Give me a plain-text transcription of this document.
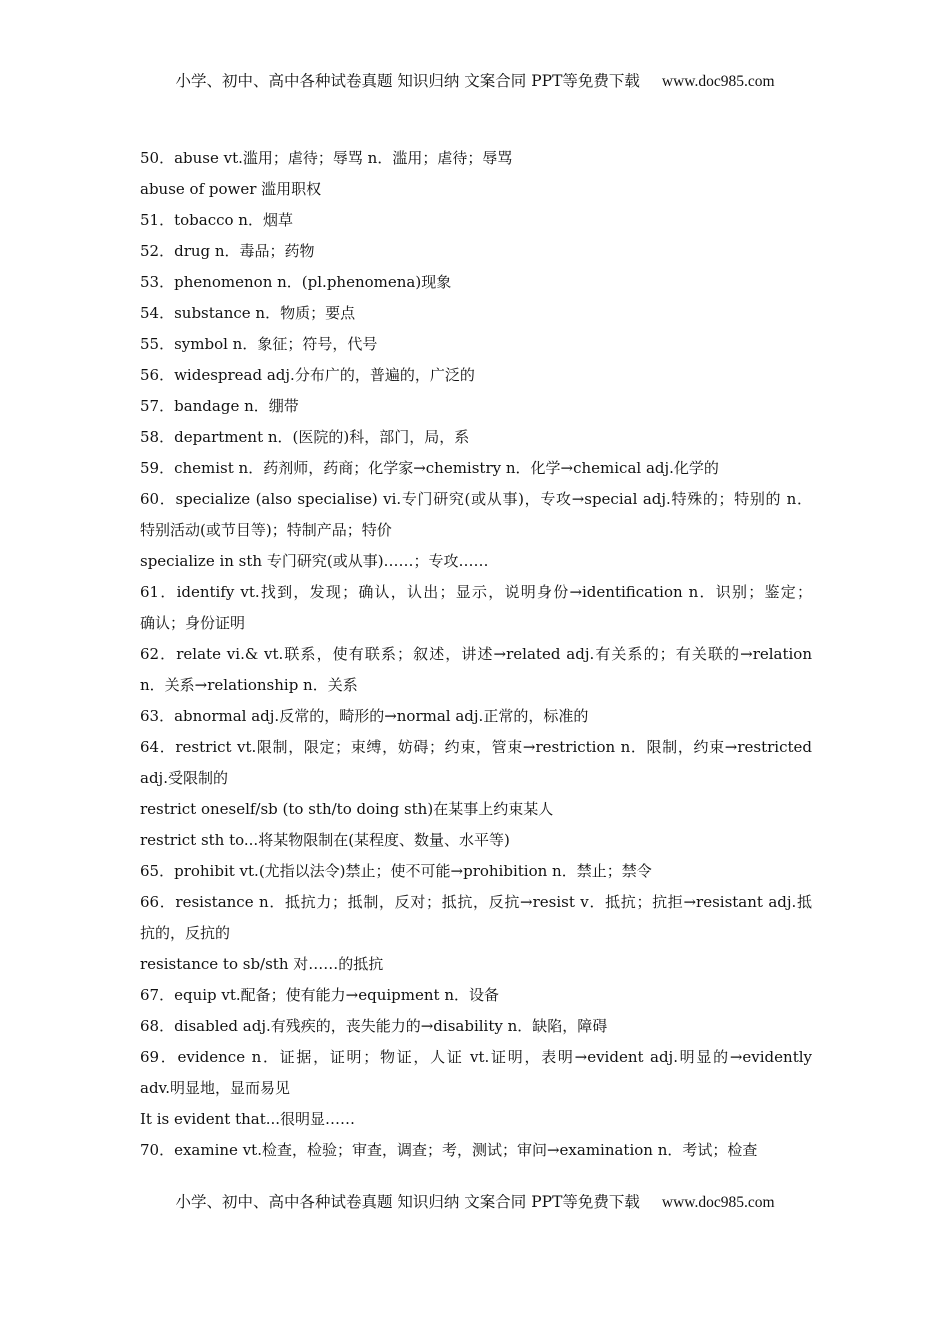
小学、初中、高中各种试卷真题 知识归纳 文案合同 PPT等免费下载 www.doc985.com
50．abuse vt.滥用；虐待；辱骂 n．滥用；虐待；辱骂
abuse of power 滥用职权
51．tobacco n．烟草
52．drug n．毒品；药物
53．phenomenon n．(pl.phenomena)现象
54．substance n．物质；要点
55．symbol n．象征；符号，代号
56．widespread adj.分布广的，普遍的，广泛的
57．bandage n．绷带
58．department n．(医院的)科，部门，局，系
59．chemist n．药剂师，药商；化学家→chemistry n．化学→chemical adj.化学的
60．specialize (also specialise) vi.专门研究(或从事)，专攻→special adj.特殊的；特别的 n．
特别活动(或节目等)；特制产品；特价
specialize in sth 专门研究(或从事)……；专攻……
61．identify vt.找到，发现；确认，认出；显示，说明身份→identification n．识别；鉴定；
确认；身份证明
62．relate vi.& vt.联系，使有联系；叙述，讲述→related adj.有关系的；有关联的→relation
n．关系→relationship n．关系
63．abnormal adj.反常的，畸形的→normal adj.正常的，标准的
64．restrict vt.限制，限定；束缚，妨碍；约束，管束→restriction n．限制，约束→restricted
adj.受限制的
restrict oneself/sb (to sth/to doing sth)在某事上约束某人
restrict sth to...将某物限制在(某程度、数量、水平等)
65．prohibit vt.(尤指以法令)禁止；使不可能→prohibition n．禁止；禁令
66．resistance n．抵抗力；抵制，反对；抵抗，反抗→resist v．抵抗；抗拒→resistant adj.抵
抗的，反抗的
resistance to sb/sth 对……的抵抗
67．equip vt.配备；使有能力→equipment n．设备
68．disabled adj.有残疾的，丧失能力的→disability n．缺陷，障碍
69．evidence n．证据，证明；物证，人证 vt.证明，表明→evident adj.明显的→evidently
adv.明显地，显而易见
It is evident that...很明显……
70．examine vt.检查，检验；审查，调查；考，测试；审问→examination n．考试；检查
小学、初中、高中各种试卷真题 知识归纳 文案合同 PPT等免费下载 www.doc985.com
